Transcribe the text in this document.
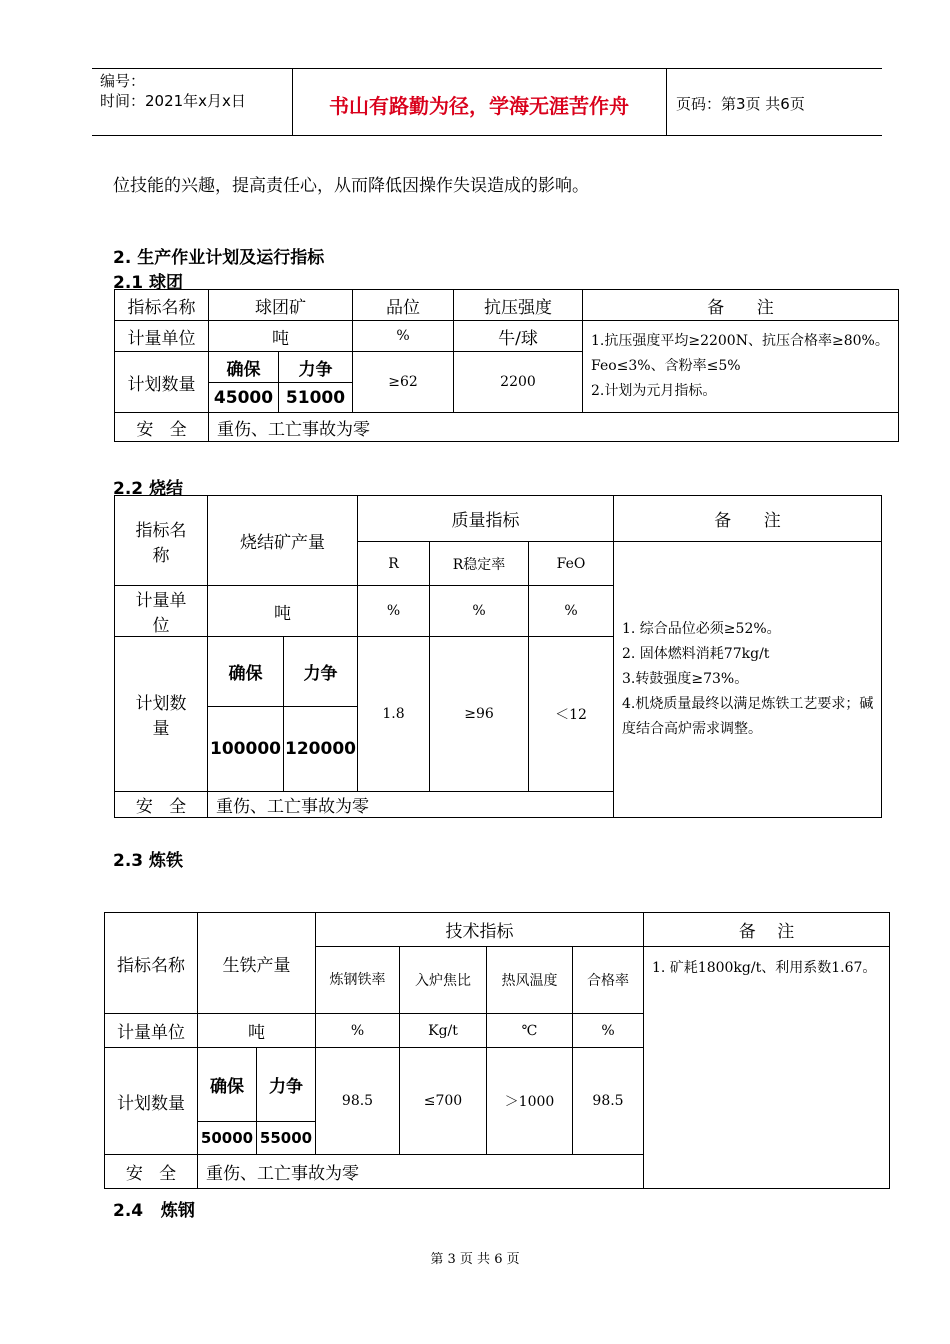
编号：
时间：2021年x月x日	书山有路勤为径，学海无涯苦作舟	页码：第3页 共6页
位技能的兴趣，提高责任心，从而降低因操作失误造成的影响。
2. 生产作业计划及运行指标
2.1 球团
指标名称	球团矿		品位	抗压强度	备      注
计量单位	吨		%	牛/球	1.抗压强度平均≥2200N、抗压合格率≥80%。Feo≤3%、含粉率≤5%
2.计划为元月指标。

计划数量	确保	力争	≥62	2200	
	45000	51000			
安   全	重伤、工亡事故为零				
2.2 烧结
指标名称	烧结矿产量		质量指标			备      注
			R	R稳定率	FeO	1. 综合品位必须≥52%。
2. 固体燃料消耗77kg/t
3.转鼓强度≥73%。
4.机烧质量最终以满足炼铁工艺要求；碱度结合高炉需求调整。

计量单位	吨		%	%	%	
计划数量	确保	力争	1.8	≥96	＜12	
	100000	120000				
安   全	重伤、工亡事故为零					
2.3 炼铁
指标名称	生铁产量		技术指标				备    注
			炼钢铁率	入炉焦比	热风温度	合格率	1. 矿耗1800kg/t、利用系数1.67。

计量单位	吨		%	Kg/t	℃	%	
计划数量	确保	力争	98.5	≤700	＞1000	98.5	
	50000	55000					
安   全	重伤、工亡事故为零						
2.4   炼钢
第 3 页 共 6 页
